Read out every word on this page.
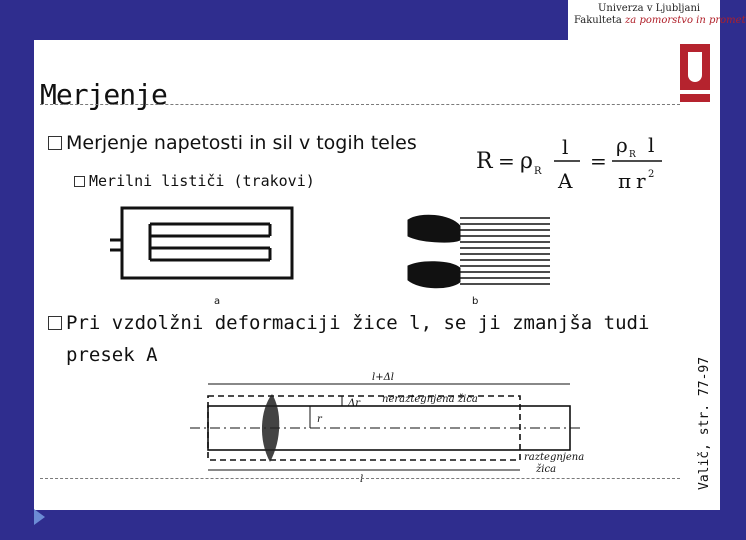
Univerza v Ljubljani
Fakulteta za pomorstvo in promet
Merjenje
Merjenje napetosti in sil v togih teles
Merilni lističi (trakovi)
R = ρ R
l
A
=
ρ R l
π r 2
a	b
Pri vzdolžni deformaciji žice l, se ji zmanjša tudi
presek A
l+Δl
Δr
r
l
neraztegnjena žica
raztegnjena
žica	Valič, str. 77-97
